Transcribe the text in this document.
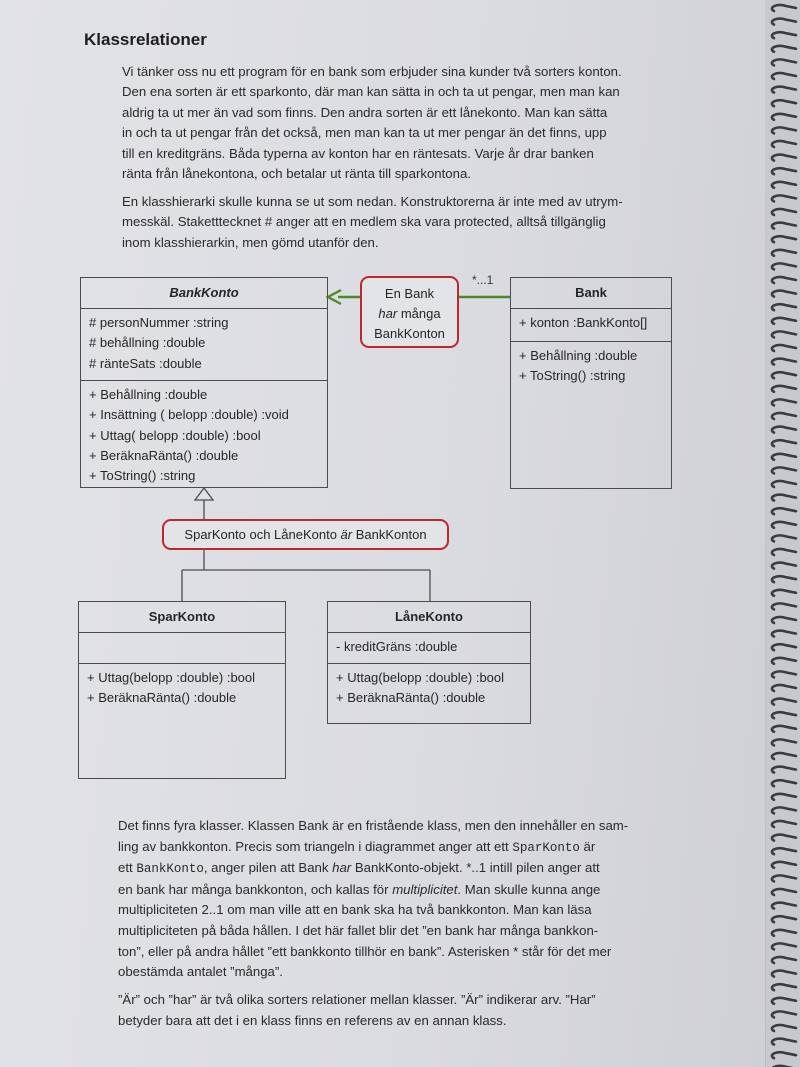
Klassrelationer

Vi tänker oss nu ett program för en bank som erbjuder sina kunder två sorters konton.
Den ena sorten är ett sparkonto, där man kan sätta in och ta ut pengar, men man kan
aldrig ta ut mer än vad som finns. Den andra sorten är ett lånekonto. Man kan sätta
in och ta ut pengar från det också, men man kan ta ut mer pengar än det finns, upp
till en kreditgräns. Båda typerna av konton har en räntesats. Varje år drar banken
ränta från lånekontona, och betalar ut ränta till sparkontona.

En klasshierarki skulle kunna se ut som nedan. Konstruktorerna är inte med av utrym-
messkäl. Staketttecknet # anger att en medlem ska vara protected, alltså tillgänglig
inom klasshierarkin, men gömd utanför den.

BankKonto
# personNummer :string
# behållning :double
# ränteSats :double
+ Behållning :double
+ Insättning ( belopp :double) :void
+ Uttag( belopp :double) :bool
+ BeräknaRänta() :double
+ ToString() :string
Bank
+ konton :BankKonto[]
+ Behållning :double
+ ToString() :string
En Bank
har många
BankKonton
*...1
SparKonto och LåneKonto är BankKonton
SparKonto
+ Uttag(belopp :double) :bool
+ BeräknaRänta() :double
LåneKonto
- kreditGräns :double
+ Uttag(belopp :double) :bool
+ BeräknaRänta() :double

Det finns fyra klasser. Klassen Bank är en fristående klass, men den innehåller en sam-
ling av bankkonton. Precis som triangeln i diagrammet anger att ett SparKonto är
ett BankKonto, anger pilen att Bank har BankKonto-objekt. *..1 intill pilen anger att
en bank har många bankkonton, och kallas för multiplicitet. Man skulle kunna ange
multipliciteten 2..1 om man ville att en bank ska ha två bankkonton. Man kan läsa
multipliciteten på båda hållen. I det här fallet blir det ”en bank har många bankkon-
ton”, eller på andra hållet ”ett bankkonto tillhör en bank”. Asterisken * står för det mer
obestämda antalet ”många”.

”Är” och ”har” är två olika sorters relationer mellan klasser. ”Är” indikerar arv. ”Har”
betyder bara att det i en klass finns en referens av en annan klass.
